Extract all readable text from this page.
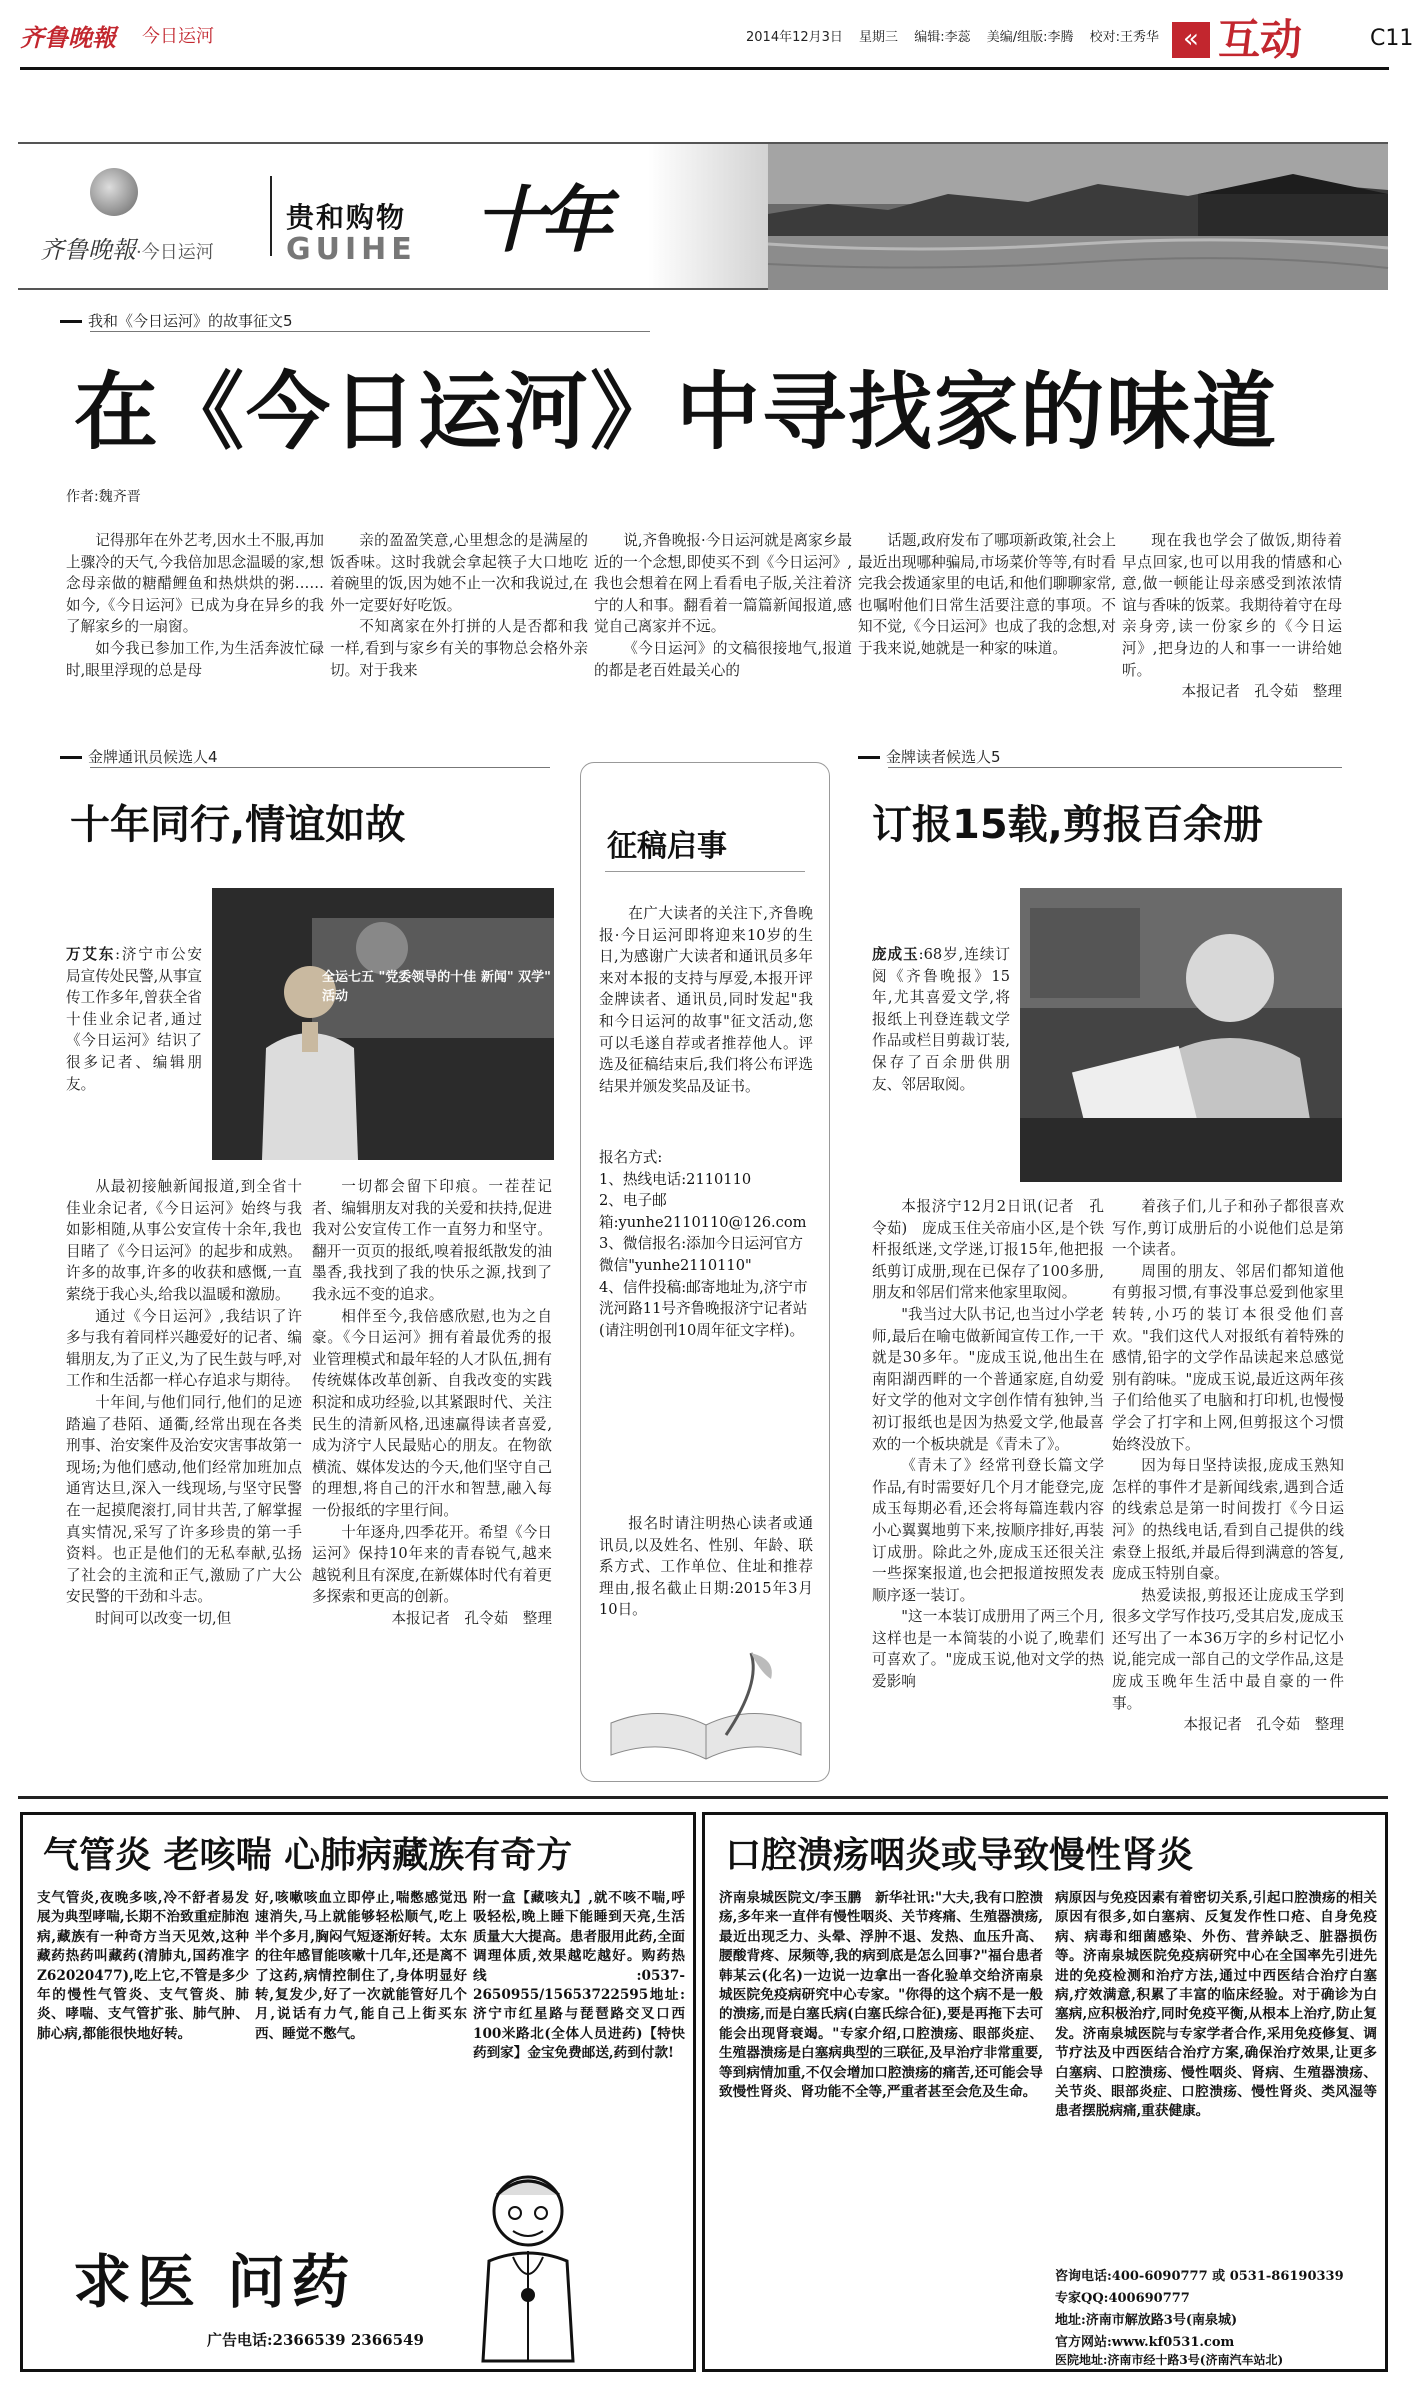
齐鲁晚報 今日运河	2014年12月3日 星期三 编辑:李蕊 美编/组版:李腾 校对:王秀华 « 互动	C11
齐鲁晚報·今日运河
贵和购物
GUIHE 十年
我和《今日运河》的故事征文5
在《今日运河》中寻找家的味道
作者:魏齐晋

记得那年在外艺考,因水土不服,再加上骤冷的天气,今我倍加思念温暖的家,想念母亲做的糖醋鲤鱼和热烘烘的粥……如今,《今日运河》已成为身在异乡的我了解家乡的一扇窗。

如今我已参加工作,为生活奔波忙碌时,眼里浮现的总是母

亲的盈盈笑意,心里想念的是满屋的饭香味。这时我就会拿起筷子大口地吃着碗里的饭,因为她不止一次和我说过,在外一定要好好吃饭。

不知离家在外打拼的人是否都和我一样,看到与家乡有关的事物总会格外亲切。对于我来

说,齐鲁晚报·今日运河就是离家乡最近的一个念想,即使买不到《今日运河》,我也会想着在网上看看电子版,关注着济宁的人和事。翻看着一篇篇新闻报道,感觉自己离家并不远。

《今日运河》的文稿很接地气,报道的都是老百姓最关心的

话题,政府发布了哪项新政策,社会上最近出现哪种骗局,市场菜价等等,有时看完我会拨通家里的电话,和他们聊聊家常,也嘱咐他们日常生活要注意的事项。不知不觉,《今日运河》也成了我的念想,对于我来说,她就是一种家的味道。

现在我也学会了做饭,期待着早点回家,也可以用我的情感和心意,做一顿能让母亲感受到浓浓情谊与香味的饭菜。我期待着守在母亲身旁,读一份家乡的《今日运河》,把身边的人和事一一讲给她听。

本报记者　孔令茹　整理

金牌通讯员候选人4
十年同行,情谊如故
全运七五 "党委领导的十佳 新闻" 双学" 活动
万艾东:济宁市公安局宣传处民警,从事宣传工作多年,曾获全省十佳业余记者,通过《今日运河》结识了很多记者、编辑朋友。

从最初接触新闻报道,到全省十佳业余记者,《今日运河》始终与我如影相随,从事公安宣传十余年,我也目睹了《今日运河》的起步和成熟。许多的故事,许多的收获和感慨,一直萦绕于我心头,给我以温暖和激励。

通过《今日运河》,我结识了许多与我有着同样兴趣爱好的记者、编辑朋友,为了正义,为了民生鼓与呼,对工作和生活都一样心存追求与期待。

十年间,与他们同行,他们的足迹踏遍了巷陌、通衢,经常出现在各类刑事、治安案件及治安灾害事故第一现场;为他们感动,他们经常加班加点通宵达旦,深入一线现场,与坚守民警在一起摸爬滚打,同甘共苦,了解掌握真实情况,采写了许多珍贵的第一手资料。也正是他们的无私奉献,弘扬了社会的主流和正气,激励了广大公安民警的干劲和斗志。

时间可以改变一切,但

一切都会留下印痕。一茬茬记者、编辑朋友对我的关爱和扶持,促进我对公安宣传工作一直努力和坚守。翻开一页页的报纸,嗅着报纸散发的油墨香,我找到了我的快乐之源,找到了我永远不变的追求。

相伴至今,我倍感欣慰,也为之自豪。《今日运河》拥有着最优秀的报业管理模式和最年轻的人才队伍,拥有传统媒体改革创新、自我改变的实践积淀和成功经验,以其紧跟时代、关注民生的清新风格,迅速赢得读者喜爱,成为济宁人民最贴心的朋友。在物欲横流、媒体发达的今天,他们坚守自己的理想,将自己的汗水和智慧,融入每一份报纸的字里行间。

十年逐舟,四季花开。希望《今日运河》保持10年来的青春锐气,越来越锐利且有深度,在新媒体时代有着更多探索和更高的创新。

本报记者　孔令茹　整理

征稿启事

在广大读者的关注下,齐鲁晚报·今日运河即将迎来10岁的生日,为感谢广大读者和通讯员多年来对本报的支持与厚爱,本报开评金牌读者、通讯员,同时发起"我和今日运河的故事"征文活动,您可以毛遂自荐或者推荐他人。评选及征稿结束后,我们将公布评选结果并颁发奖品及证书。

报名方式:
1、热线电话:2110110
2、电子邮箱:yunhe2110110@126.com
3、微信报名:添加今日运河官方微信"yunhe2110110"
4、信件投稿:邮寄地址为,济宁市洸河路11号齐鲁晚报济宁记者站(请注明创刊10周年征文字样)。
报名时请注明热心读者或通讯员,以及姓名、性别、年龄、联系方式、工作单位、住址和推荐理由,报名截止日期:2015年3月10日。
金牌读者候选人5
订报15载,剪报百余册
庞成玉:68岁,连续订阅《齐鲁晚报》15年,尤其喜爱文学,将报纸上刊登连载文学作品或栏目剪裁订装,保存了百余册供朋友、邻居取阅。

本报济宁12月2日讯(记者　孔令茹)　庞成玉住关帝庙小区,是个铁杆报纸迷,文学迷,订报15年,他把报纸剪订成册,现在已保存了100多册,朋友和邻居们常来他家里取阅。

"我当过大队书记,也当过小学老师,最后在喻屯做新闻宣传工作,一干就是30多年。"庞成玉说,他出生在南阳湖西畔的一个普通家庭,自幼爱好文学的他对文字创作情有独钟,当初订报纸也是因为热爱文学,他最喜欢的一个板块就是《青未了》。

《青未了》经常刊登长篇文学作品,有时需要好几个月才能登完,庞成玉每期必看,还会将每篇连载内容小心翼翼地剪下来,按顺序排好,再装订成册。除此之外,庞成玉还很关注一些探案报道,也会把报道按照发表顺序逐一装订。

"这一本装订成册用了两三个月,这样也是一本简装的小说了,晚辈们可喜欢了。"庞成玉说,他对文学的热爱影响

着孩子们,儿子和孙子都很喜欢写作,剪订成册后的小说他们总是第一个读者。

周围的朋友、邻居们都知道他有剪报习惯,有事没事总爱到他家里转转,小巧的装订本很受他们喜欢。"我们这代人对报纸有着特殊的感情,铅字的文学作品读起来总感觉别有韵味。"庞成玉说,最近这两年孩子们给他买了电脑和打印机,也慢慢学会了打字和上网,但剪报这个习惯始终没放下。

因为每日坚持读报,庞成玉熟知怎样的事件才是新闻线索,遇到合适的线索总是第一时间拨打《今日运河》的热线电话,看到自己提供的线索登上报纸,并最后得到满意的答复,庞成玉特别自豪。

热爱读报,剪报还让庞成玉学到很多文学写作技巧,受其启发,庞成玉还写出了一本36万字的乡村记忆小说,能完成一部自己的文学作品,这是庞成玉晚年生活中最自豪的一件事。

本报记者　孔令茹　整理

气管炎 老咳喘 心肺病藏族有奇方
支气管炎,夜晚多咳,冷不舒者易发展为典型哮喘,长期不治致重症肺泡病,藏族有一种奇方当天见效,这种藏药热药叫藏药(清肺丸,国药准字Z62020477),吃上它,不管是多少年的慢性气管炎、支气管炎、肺炎、哮喘、支气管扩张、肺气肿、肺心病,都能很快地好转。
好,咳嗽咳血立即停止,喘憋感觉迅速消失,马上就能够轻松顺气,吃上半个多月,胸闷气短逐渐好转。太东的往年感冒能咳嗽十几年,还是离不了这药,病情控制住了,身体明显好转,复发少,好了一次就能管好几个月,说话有力气,能自己上街买东西、睡觉不憋气。
附一盒【藏咳丸】,就不咳不喘,呼吸轻松,晚上睡下能睡到天亮,生活质量大大提高。患者服用此药,全面调理体质,效果越吃越好。购药热线:0537-2650955/15653722595地址:济宁市红星路与琵琶路交叉口西100米路北(全体人员进药)【特快药到家】金宝免费邮送,药到付款!
求医 问药
广告电话:2366539 2366549
口腔溃疡咽炎或导致慢性肾炎
济南泉城医院文/李玉鹏　新华社讯:"大夫,我有口腔溃疡,多年来一直伴有慢性咽炎、关节疼痛、生殖器溃疡,最近出现乏力、头晕、浮肿不退、发热、血压升高、腰酸背疼、尿频等,我的病到底是怎么回事?"福台患者韩某云(化名)一边说一边拿出一沓化验单交给济南泉城医院免疫病研究中心专家。"你得的这个病不是一般的溃疡,而是白塞氏病(白塞氏综合征),要是再拖下去可能会出现肾衰竭。"专家介绍,口腔溃疡、眼部炎症、生殖器溃疡是白塞病典型的三联征,及早治疗非常重要,等到病情加重,不仅会增加口腔溃疡的痛苦,还可能会导致慢性肾炎、肾功能不全等,严重者甚至会危及生命。
病原因与免疫因素有着密切关系,引起口腔溃疡的相关原因有很多,如白塞病、反复发作性口疮、自身免疫病、病毒和细菌感染、外伤、营养缺乏、脏器损伤等。济南泉城医院免疫病研究中心在全国率先引进先进的免疫检测和治疗方法,通过中西医结合治疗白塞病,疗效满意,积累了丰富的临床经验。对于确诊为白塞病,应积极治疗,同时免疫平衡,从根本上治疗,防止复发。济南泉城医院与专家学者合作,采用免疫修复、调节疗法及中西医结合治疗方案,确保治疗效果,让更多白塞病、口腔溃疡、慢性咽炎、肾病、生殖器溃疡、关节炎、眼部炎症、口腔溃疡、慢性肾炎、类风湿等患者摆脱病痛,重获健康。
咨询电话:400-6090777 或 0531-86190339
专家QQ:400690777
地址:济南市解放路3号(南泉城)
官方网站:www.kf0531.com
医院地址:济南市经十路3号(济南汽车站北)
